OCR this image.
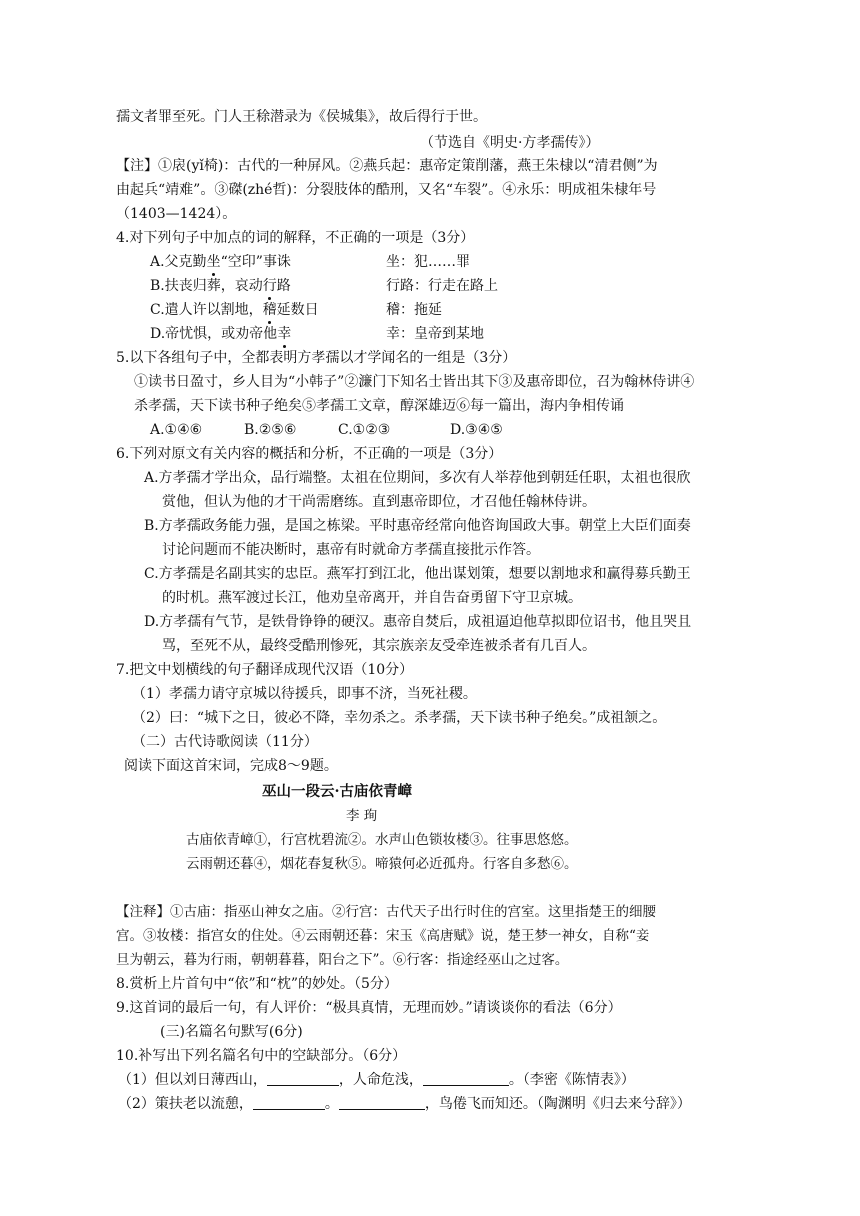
孺文者罪至死。门人王稌潜录为《侯城集》，故后得行于世。
（节选自《明史·方孝孺传》）
【注】①扆(yǐ椅)：古代的一种屏风。②燕兵起：惠帝定策削藩，燕王朱棣以“清君侧”为
由起兵“靖难”。③磔(zhé哲)：分裂肢体的酷刑，又名“车裂”。④永乐：明成祖朱棣年号
（1403—1424）。
4.对下列句子中加点的词的解释，不正确的一项是（3分）
A.父克勤坐“空印”事诛	坐：犯……罪
B.扶丧归葬，哀动行路	行路：行走在路上
C.遣人许以割地，稽延数日	稽：拖延
D.帝忧惧，或劝帝他幸	幸：皇帝到某地
5.以下各组句子中，全都表明方孝孺以才学闻名的一组是（3分）
①读书日盈寸，乡人目为“小韩子”②濂门下知名士皆出其下③及惠帝即位，召为翰林侍讲④
杀孝孺，天下读书种子绝矣⑤孝孺工文章，醇深雄迈⑥每一篇出，海内争相传诵
A.①④⑥	B.②⑤⑥	C.①②③	D.③④⑤
6.下列对原文有关内容的概括和分析，不正确的一项是（3分）
A.方孝孺才学出众，品行端整。太祖在位期间，多次有人举荐他到朝廷任职，太祖也很欣
赏他，但认为他的才干尚需磨练。直到惠帝即位，才召他任翰林侍讲。
B.方孝孺政务能力强，是国之栋梁。平时惠帝经常向他咨询国政大事。朝堂上大臣们面奏
讨论问题而不能决断时，惠帝有时就命方孝孺直接批示作答。
C.方孝孺是名副其实的忠臣。燕军打到江北，他出谋划策，想要以割地求和赢得募兵勤王
的时机。燕军渡过长江，他劝皇帝离开，并自告奋勇留下守卫京城。
D.方孝孺有气节，是铁骨铮铮的硬汉。惠帝自焚后，成祖逼迫他草拟即位诏书，他且哭且
骂，至死不从，最终受酷刑惨死，其宗族亲友受牵连被杀者有几百人。
7.把文中划横线的句子翻译成现代汉语（10分）
（1）孝孺力请守京城以待援兵，即事不济，当死社稷。
（2）曰：“城下之日，彼必不降，幸勿杀之。杀孝孺，天下读书种子绝矣。”成祖颔之。
（二）古代诗歌阅读（11分）
阅读下面这首宋词，完成8～9题。
巫山一段云·古庙依青嶂
李 珣
古庙依青嶂①，行宫枕碧流②。水声山色锁妆楼③。往事思悠悠。
云雨朝还暮④，烟花春复秋⑤。啼猿何必近孤舟。行客自多愁⑥。
【注释】①古庙：指巫山神女之庙。②行宫：古代天子出行时住的宫室。这里指楚王的细腰
宫。③妆楼：指宫女的住处。④云雨朝还暮：宋玉《高唐赋》说，楚王梦一神女，自称“妾
旦为朝云，暮为行雨，朝朝暮暮，阳台之下”。⑥行客：指途经巫山之过客。
8.赏析上片首句中“依”和“枕”的妙处。（5分）
9.这首词的最后一句，有人评价：“极具真情，无理而妙。”请谈谈你的看法（6分）
(三)名篇名句默写(6分)
10.补写出下列名篇名句中的空缺部分。（6分）
（1）但以刘日薄西山，	，人命危浅，	。（李密《陈情表》）
（2）策扶老以流憩，	。	，鸟倦飞而知还。（陶渊明《归去来兮辞》）
